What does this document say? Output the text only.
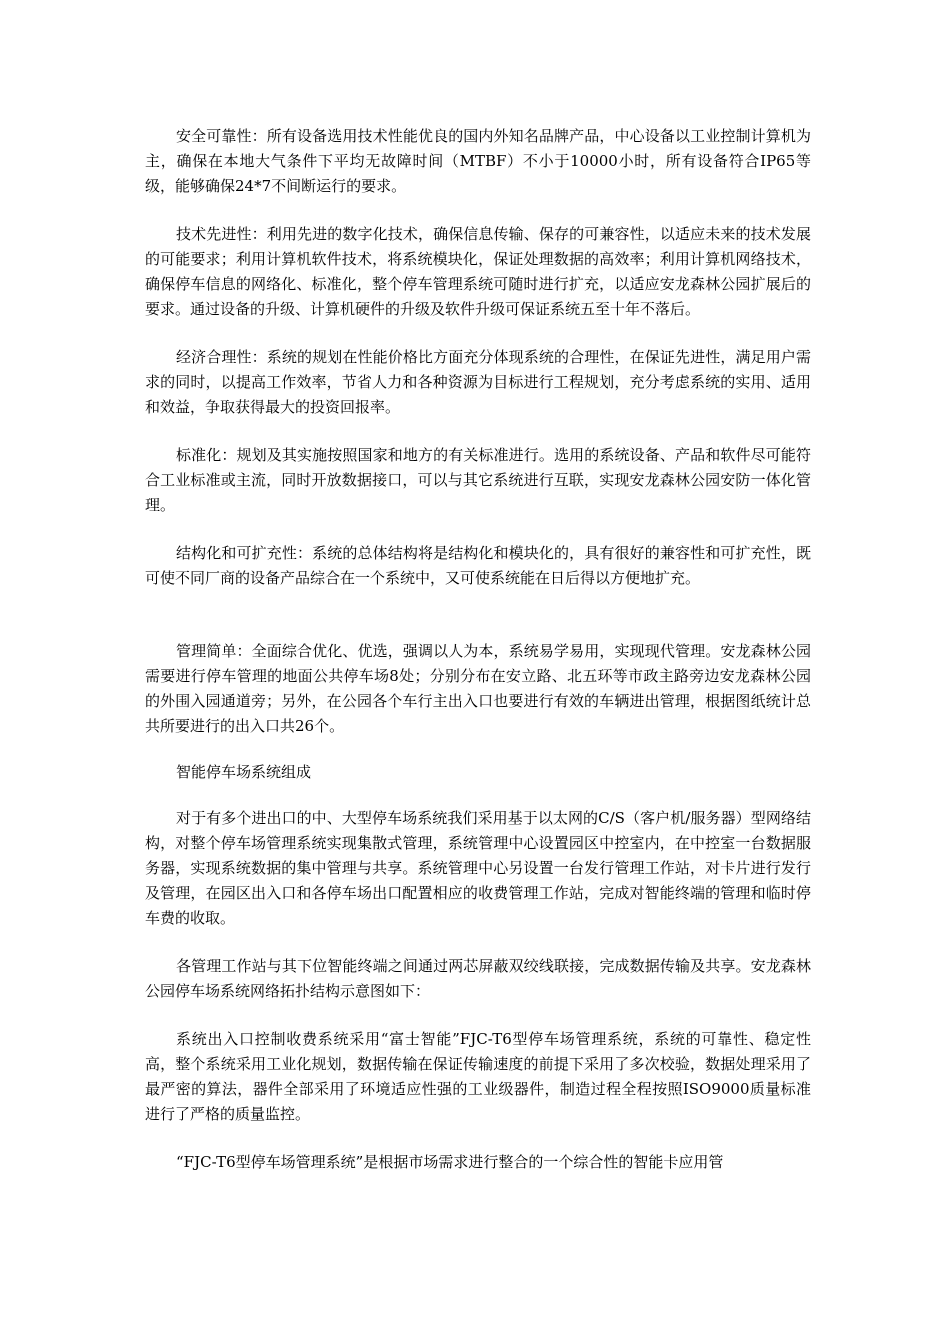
安全可靠性：所有设备选用技术性能优良的国内外知名品牌产品，中心设备以工业控制计算机为主，确保在本地大气条件下平均无故障时间（MTBF）不小于10000小时，所有设备符合IP65等级，能够确保24*7不间断运行的要求。

技术先进性：利用先进的数字化技术，确保信息传输、保存的可兼容性，以适应未来的技术发展的可能要求；利用计算机软件技术，将系统模块化，保证处理数据的高效率；利用计算机网络技术，确保停车信息的网络化、标准化，整个停车管理系统可随时进行扩充，以适应安龙森林公园扩展后的要求。通过设备的升级、计算机硬件的升级及软件升级可保证系统五至十年不落后。

经济合理性：系统的规划在性能价格比方面充分体现系统的合理性，在保证先进性，满足用户需求的同时，以提高工作效率，节省人力和各种资源为目标进行工程规划，充分考虑系统的实用、适用和效益，争取获得最大的投资回报率。

标准化：规划及其实施按照国家和地方的有关标准进行。选用的系统设备、产品和软件尽可能符合工业标准或主流，同时开放数据接口，可以与其它系统进行互联，实现安龙森林公园安防一体化管理。

结构化和可扩充性：系统的总体结构将是结构化和模块化的，具有很好的兼容性和可扩充性，既可使不同厂商的设备产品综合在一个系统中，又可使系统能在日后得以方便地扩充。

管理简单：全面综合优化、优选，强调以人为本，系统易学易用，实现现代管理。安龙森林公园需要进行停车管理的地面公共停车场8处；分别分布在安立路、北五环等市政主路旁边安龙森林公园的外围入园通道旁；另外，在公园各个车行主出入口也要进行有效的车辆进出管理，根据图纸统计总共所要进行的出入口共26个。

智能停车场系统组成

对于有多个进出口的中、大型停车场系统我们采用基于以太网的C/S（客户机/服务器）型网络结构，对整个停车场管理系统实现集散式管理，系统管理中心设置园区中控室内，在中控室一台数据服务器，实现系统数据的集中管理与共享。系统管理中心另设置一台发行管理工作站，对卡片进行发行及管理，在园区出入口和各停车场出口配置相应的收费管理工作站，完成对智能终端的管理和临时停车费的收取。

各管理工作站与其下位智能终端之间通过两芯屏蔽双绞线联接，完成数据传输及共享。安龙森林公园停车场系统网络拓扑结构示意图如下：

系统出入口控制收费系统采用“富士智能”FJC-T6型停车场管理系统，系统的可靠性、稳定性高，整个系统采用工业化规划，数据传输在保证传输速度的前提下采用了多次校验，数据处理采用了最严密的算法，器件全部采用了环境适应性强的工业级器件，制造过程全程按照ISO9000质量标准进行了严格的质量监控。

“FJC-T6型停车场管理系统”是根据市场需求进行整合的一个综合性的智能卡应用管
